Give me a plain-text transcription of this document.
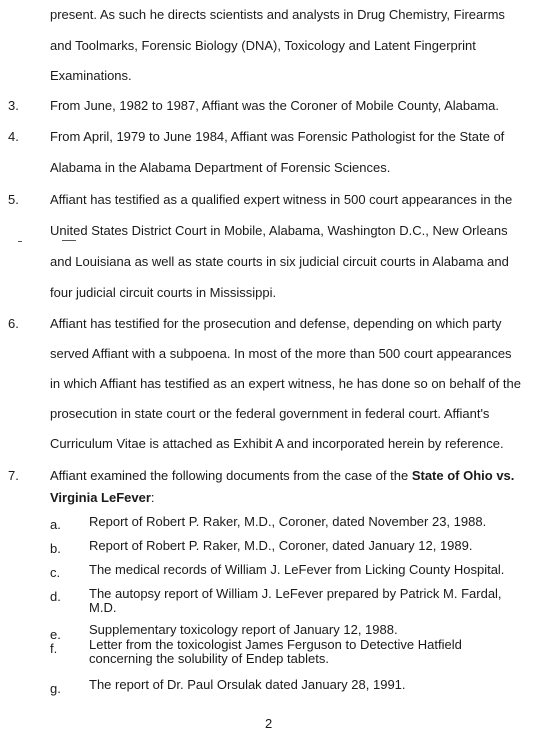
present. As such he directs scientists and analysts in Drug Chemistry, Firearms
and Toolmarks, Forensic Biology (DNA), Toxicology and Latent Fingerprint
Examinations.
3. From June, 1982 to 1987, Affiant was the Coroner of Mobile County, Alabama.
4. From April, 1979 to June 1984, Affiant was Forensic Pathologist for the State of
Alabama in the Alabama Department of Forensic Sciences.
5. Affiant has testified as a qualified expert witness in 500 court appearances in the
United States District Court in Mobile, Alabama, Washington D.C., New Orleans
and Louisiana as well as state courts in six judicial circuit courts in Alabama and
four judicial circuit courts in Mississippi.
6. Affiant has testified for the prosecution and defense, depending on which party
served Affiant with a subpoena. In most of the more than 500 court appearances
in which Affiant has testified as an expert witness, he has done so on behalf of the
prosecution in state court or the federal government in federal court. Affiant's
Curriculum Vitae is attached as Exhibit A and incorporated herein by reference.
7. Affiant examined the following documents from the case of the State of Ohio vs.
Virginia LeFever:
a. Report of Robert P. Raker, M.D., Coroner, dated November 23, 1988.
b. Report of Robert P. Raker, M.D., Coroner, dated January 12, 1989.
c. The medical records of William J. LeFever from Licking County Hospital.
d. The autopsy report of William J. LeFever prepared by Patrick M. Fardal,
M.D.
e. Supplementary toxicology report of January 12, 1988.
f. Letter from the toxicologist James Ferguson to Detective Hatfield
concerning the solubility of Endep tablets.
g. The report of Dr. Paul Orsulak dated January 28, 1991.
2
